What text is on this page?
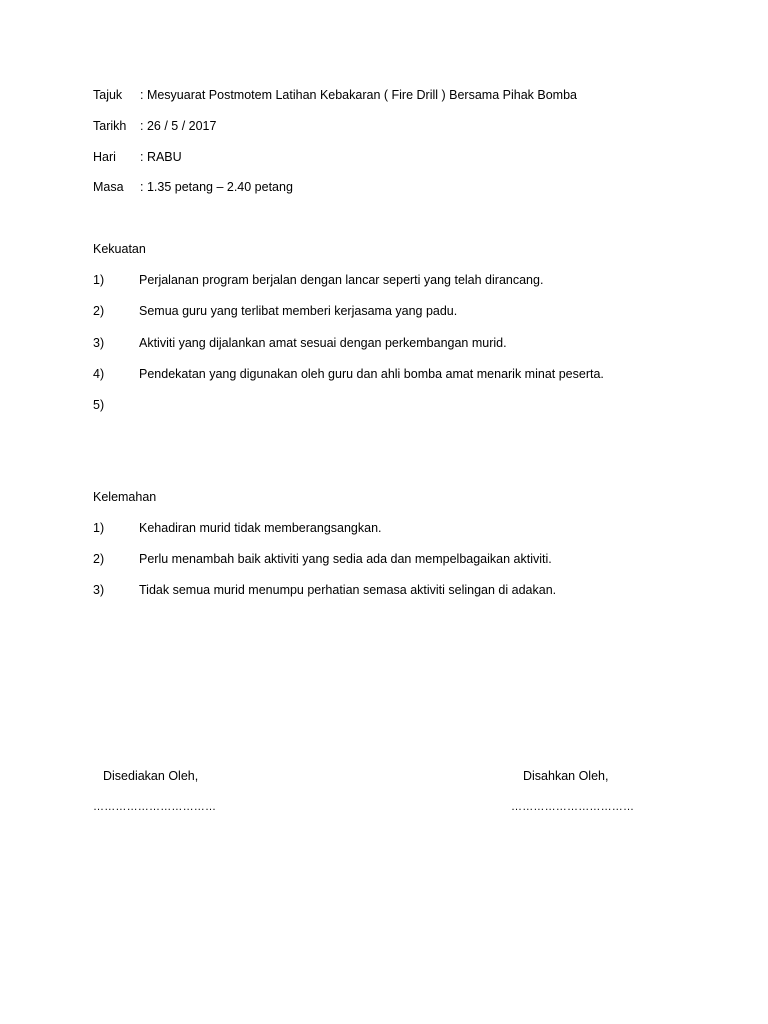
Tajuk : Mesyuarat Postmotem Latihan Kebakaran ( Fire Drill ) Bersama Pihak Bomba
Tarikh : 26 / 5 / 2017
Hari : RABU
Masa : 1.35 petang – 2.40 petang
Kekuatan
1)	Perjalanan program berjalan dengan lancar seperti yang telah dirancang.
2)	Semua guru yang terlibat memberi kerjasama yang padu.
3)	Aktiviti yang dijalankan amat sesuai dengan perkembangan murid.
4)	Pendekatan yang digunakan oleh guru dan ahli bomba amat menarik minat peserta.
5)
Kelemahan
1)	Kehadiran murid tidak memberangsangkan.
2)	Perlu menambah baik aktiviti yang sedia ada dan mempelbagaikan aktiviti.
3)	Tidak semua murid menumpu perhatian semasa aktiviti selingan di adakan.
Disediakan Oleh,	Disahkan Oleh,
……………………………	……………………………
